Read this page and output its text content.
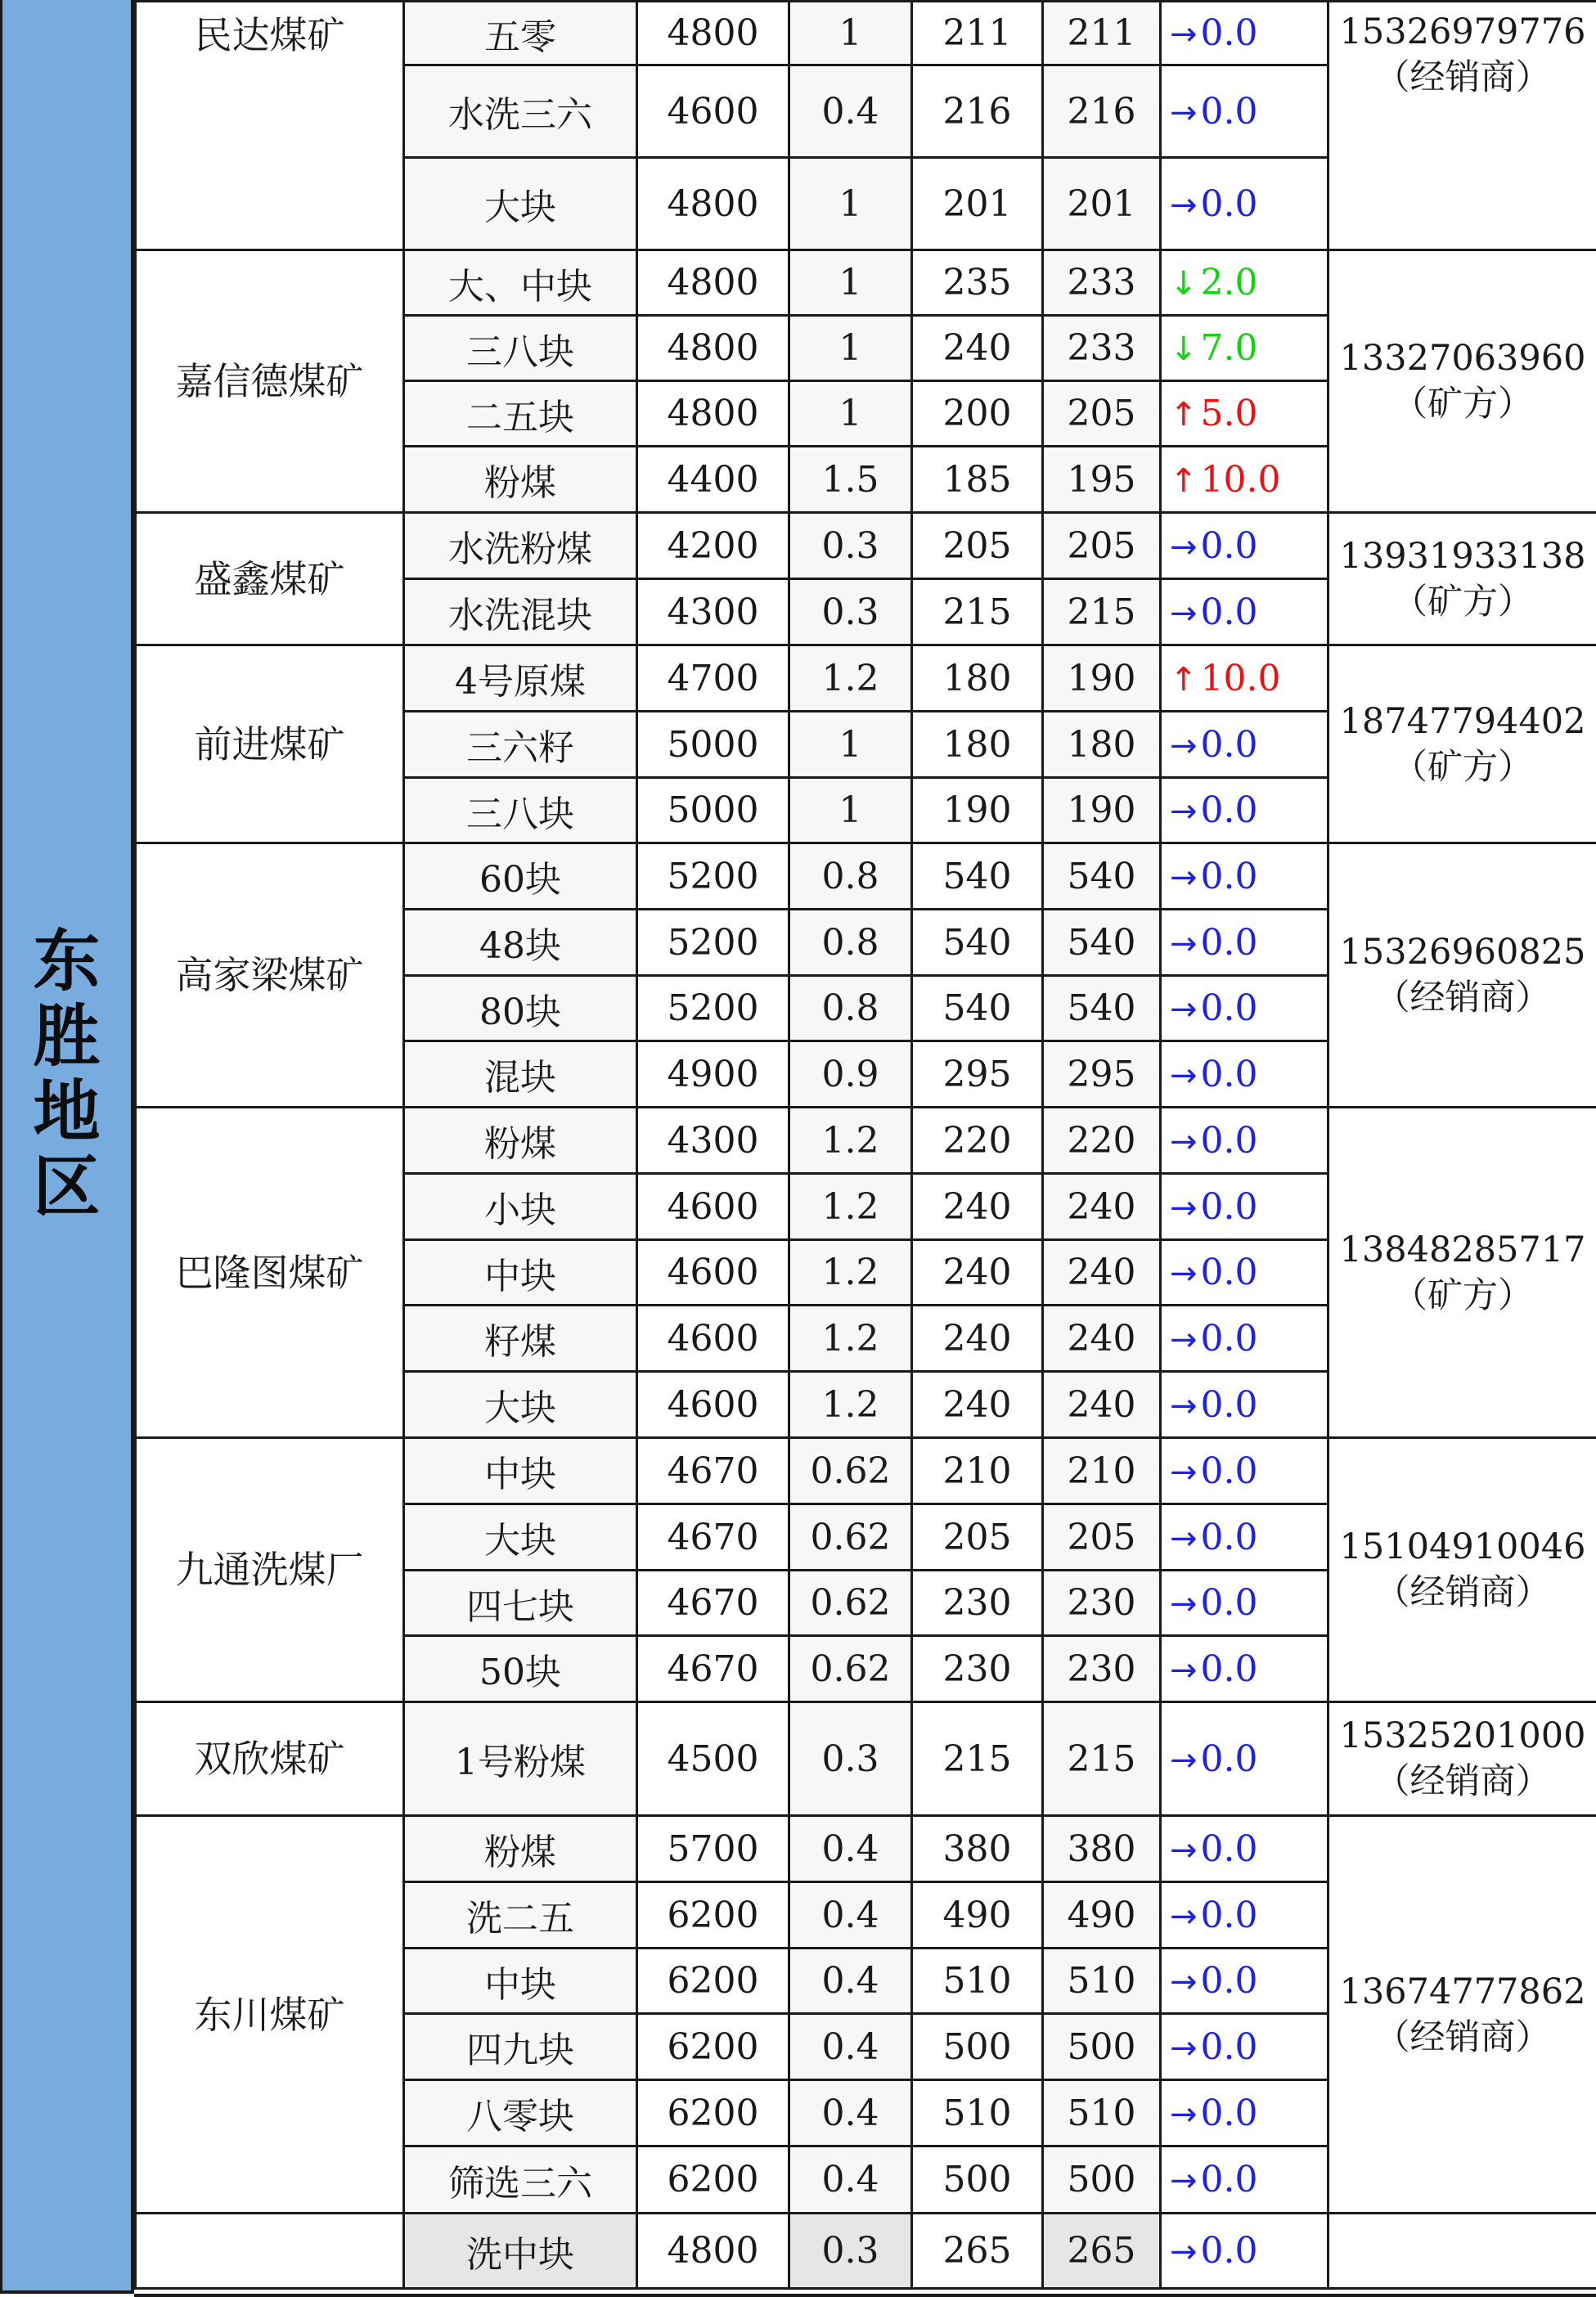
东
胜
地
区
民达煤矿	五零	4800	1	211	211	→0.0	15326979776
（经销商）

	水洗三六	4600	0.4	216	216	→0.0	
	大块	4800	1	201	201	→0.0	
嘉信德煤矿	大、中块	4800	1	235	233	↓2.0	13327063960
（矿方）

	三八块	4800	1	240	233	↓7.0	
	二五块	4800	1	200	205	↑5.0	
	粉煤	4400	1.5	185	195	↑10.0	
盛鑫煤矿	水洗粉煤	4200	0.3	205	205	→0.0	13931933138
（矿方）

	水洗混块	4300	0.3	215	215	→0.0	
前进煤矿	4号原煤	4700	1.2	180	190	↑10.0	18747794402
（矿方）

	三六籽	5000	1	180	180	→0.0	
	三八块	5000	1	190	190	→0.0	
高家梁煤矿	60块	5200	0.8	540	540	→0.0	15326960825
（经销商）

	48块	5200	0.8	540	540	→0.0	
	80块	5200	0.8	540	540	→0.0	
	混块	4900	0.9	295	295	→0.0	
巴隆图煤矿	粉煤	4300	1.2	220	220	→0.0	13848285717
（矿方）

	小块	4600	1.2	240	240	→0.0	
	中块	4600	1.2	240	240	→0.0	
	籽煤	4600	1.2	240	240	→0.0	
	大块	4600	1.2	240	240	→0.0	
九通洗煤厂	中块	4670	0.62	210	210	→0.0	15104910046
（经销商）

	大块	4670	0.62	205	205	→0.0	
	四七块	4670	0.62	230	230	→0.0	
	50块	4670	0.62	230	230	→0.0	
双欣煤矿	1号粉煤	4500	0.3	215	215	→0.0	15325201000
（经销商）

东川煤矿	粉煤	5700	0.4	380	380	→0.0	13674777862
（经销商）

	洗二五	6200	0.4	490	490	→0.0	
	中块	6200	0.4	510	510	→0.0	
	四九块	6200	0.4	500	500	→0.0	
	八零块	6200	0.4	510	510	→0.0	
	筛选三六	6200	0.4	500	500	→0.0	
	洗中块	4800	0.3	265	265	→0.0	
